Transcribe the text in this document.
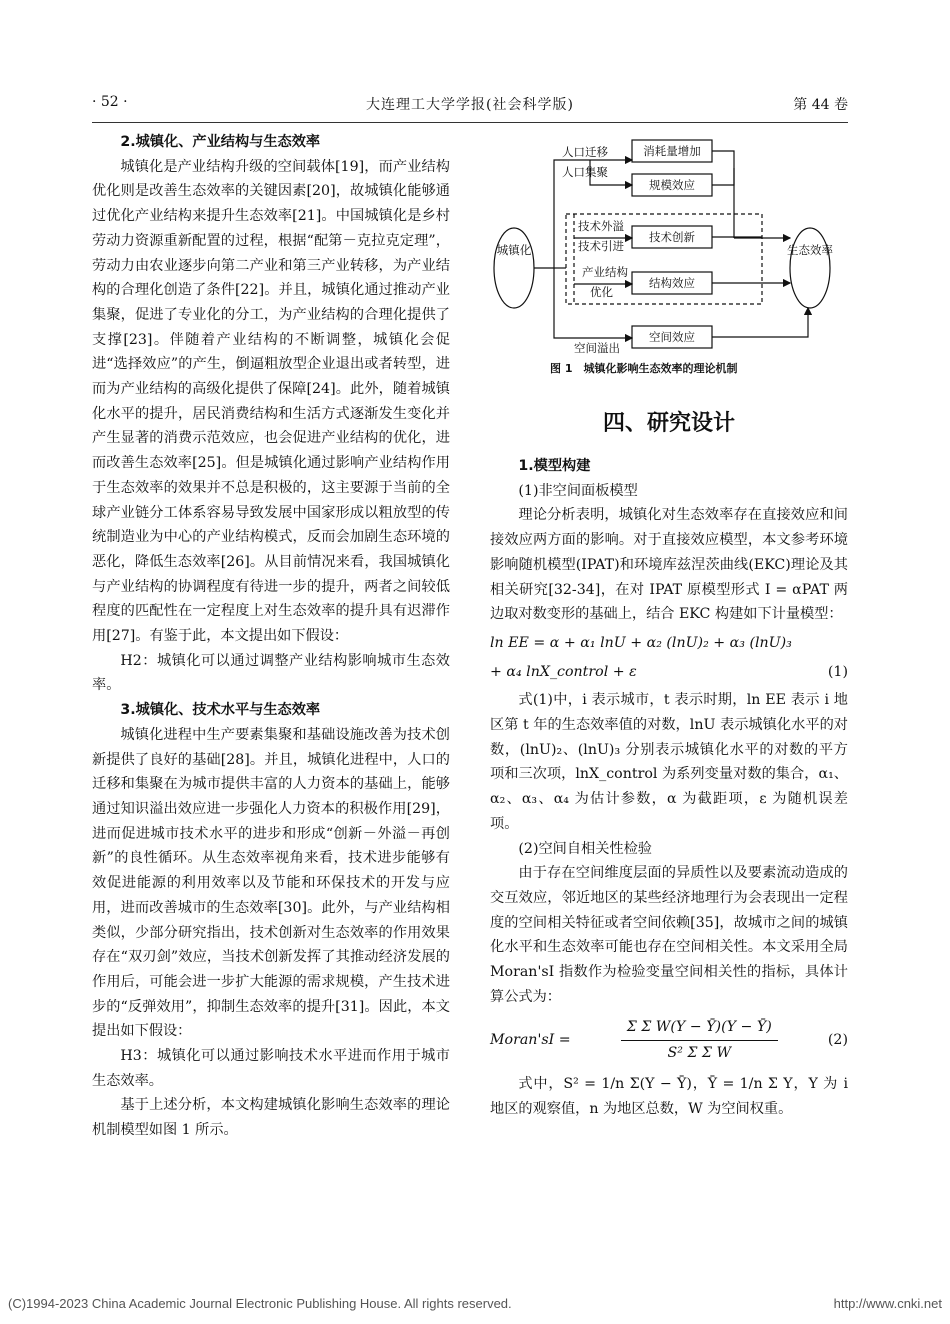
· 52 ·	大连理工大学学报(社会科学版)	第 44 卷
2.城镇化、产业结构与生态效率

城镇化是产业结构升级的空间载体[19]，而产业结构优化则是改善生态效率的关键因素[20]，故城镇化能够通过优化产业结构来提升生态效率[21]。中国城镇化是乡村劳动力资源重新配置的过程，根据“配第－克拉克定理”，劳动力由农业逐步向第二产业和第三产业转移，为产业结构的合理化创造了条件[22]。并且，城镇化通过推动产业集聚，促进了专业化的分工，为产业结构的合理化提供了支撑[23]。伴随着产业结构的不断调整，城镇化会促进“选择效应”的产生，倒逼粗放型企业退出或者转型，进而为产业结构的高级化提供了保障[24]。此外，随着城镇化水平的提升，居民消费结构和生活方式逐渐发生变化并产生显著的消费示范效应，也会促进产业结构的优化，进而改善生态效率[25]。但是城镇化通过影响产业结构作用于生态效率的效果并不总是积极的，这主要源于当前的全球产业链分工体系容易导致发展中国家形成以粗放型的传统制造业为中心的产业结构模式，反而会加剧生态环境的恶化，降低生态效率[26]。从目前情况来看，我国城镇化与产业结构的协调程度有待进一步的提升，两者之间较低程度的匹配性在一定程度上对生态效率的提升具有迟滞作用[27]。有鉴于此，本文提出如下假设：

H2：城镇化可以通过调整产业结构影响城市生态效率。

3.城镇化、技术水平与生态效率

城镇化进程中生产要素集聚和基础设施改善为技术创新提供了良好的基础[28]。并且，城镇化进程中，人口的迁移和集聚在为城市提供丰富的人力资本的基础上，能够通过知识溢出效应进一步强化人力资本的积极作用[29]，进而促进城市技术水平的进步和形成“创新－外溢－再创新”的良性循环。从生态效率视角来看，技术进步能够有效促进能源的利用效率以及节能和环保技术的开发与应用，进而改善城市的生态效率[30]。此外，与产业结构相类似，少部分研究指出，技术创新对生态效率的作用效果存在“双刃剑”效应，当技术创新发挥了其推动经济发展的作用后，可能会进一步扩大能源的需求规模，产生技术进步的“反弹效用”，抑制生态效率的提升[31]。因此，本文提出如下假设：

H3：城镇化可以通过影响技术水平进而作用于城市生态效率。

基于上述分析，本文构建城镇化影响生态效率的理论机制模型如图 1 所示。

城镇化	生态效率
人口迁移
人口集聚
消耗量增加
规模效应
技术外溢
技术引进
技术创新
产业结构
优化
结构效应
空间溢出
空间效应
图 1　城镇化影响生态效率的理论机制
四、研究设计
1.模型构建
(1)非空间面板模型

理论分析表明，城镇化对生态效率存在直接效应和间接效应两方面的影响。对于直接效应模型，本文参考环境影响随机模型(IPAT)和环境库兹涅茨曲线(EKC)理论及其相关研究[32-34]，在对 IPAT 原模型形式 I = αPAT 两边取对数变形的基础上，结合 EKC 构建如下计量模型：

ln EE = α + α₁ lnU + α₂ (lnU)₂ + α₃ (lnU)₃
+ α₄ lnX_control + ε	(1)

式(1)中，i 表示城市，t 表示时期，ln EE 表示 i 地区第 t 年的生态效率值的对数，lnU 表示城镇化水平的对数，(lnU)₂、(lnU)₃ 分别表示城镇化水平的对数的平方项和三次项，lnX_control 为系列变量对数的集合，α₁、α₂、α₃、α₄ 为估计参数，α 为截距项，ε 为随机误差项。

(2)空间自相关性检验

由于存在空间维度层面的异质性以及要素流动造成的交互效应，邻近地区的某些经济地理行为会表现出一定程度的空间相关特征或者空间依赖[35]，故城市之间的城镇化水平和生态效率可能也存在空间相关性。本文采用全局 Moran'sI 指数作为检验变量空间相关性的指标，具体计算公式为：

Moran'sI =	$\frac{\text{Σ Σ W(Y − Ȳ)(Y − Ȳ)}}{\text{S² Σ Σ W}}$	(2)

式中，S² = 1/n Σ(Y − Ȳ)，Ȳ = 1/n Σ Y，Y 为 i 地区的观察值，n 为地区总数，W 为空间权重。

(C)1994-2023 China Academic Journal Electronic Publishing House. All rights reserved.	http://www.cnki.net
